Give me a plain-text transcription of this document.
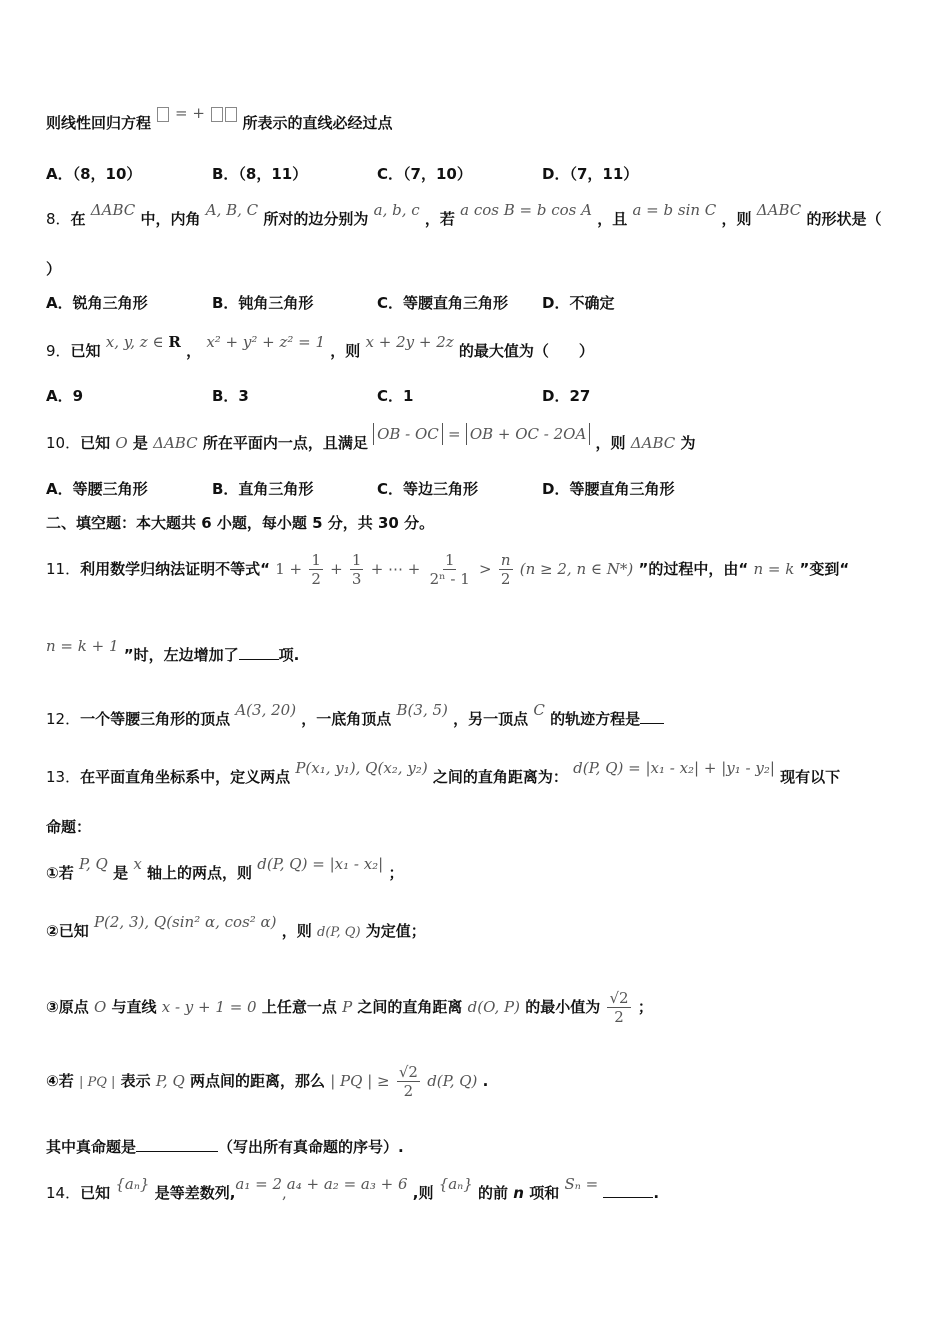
则线性回归方程  = +  所表示的直线必经过点
A．（8，10）	B．（8，11）	C．（7，10）	D．（7，11）
8．在 ΔABC 中，内角 A, B, C 所对的边分别为 a, b, c ，若 a cos B = b cos A ，且 a = b sin C ，则 ΔABC 的形状是（
）
A．锐角三角形	B．钝角三角形	C．等腰直角三角形 D．不确定
9．已知 x, y, z ∈ R ， x² + y² + z² = 1 ，则 x + 2y + 2z 的最大值为（　　）
A．9	B．3	C．1	D．27
10．已知 O 是 ΔABC 所在平面内一点，且满足 OB - OC = OB + OC - 2OA ，则 ΔABC 为
A．等腰三角形	B．直角三角形	C．等边三角形	D．等腰直角三角形
二、填空题：本大题共 6 小题，每小题 5 分，共 30 分。
11．利用数学归纳法证明不等式“ $1 + \frac{1}{2} + \frac{1}{3}$ + ⋯ + $\frac{1}{\text{2ⁿ - 1}} > \frac{n}{2} (n \ge 2$, n ∈ N*) ”的过程中，由“ n = k ”变到“
n = k + 1 ”时，左边增加了	项.
12．一个等腰三角形的顶点 A(3, 20) ，一底角顶点 B(3, 5) ，另一顶点 C 的轨迹方程是
13．在平面直角坐标系中，定义两点 P(x₁, y₁), Q(x₂, y₂) 之间的直角距离为： d(P, Q) = |x₁ - x₂| + |y₁ - y₂| 现有以下
命题：
①若 P, Q 是 x 轴上的两点，则 d(P, Q) = |x₁ - x₂| ；
②已知 P(2, 3), Q(sin² α, cos² α) ，则 d(P, Q) 为定值；
③原点 O 与直线 x - y + 1 = 0 上任意一点 P 之间的直角距离 d(O, P) 的最小值为 $\frac{√2}{2}$ ；
④若 | PQ | 表示 P, Q 两点间的距离，那么 | PQ | ≥ $\frac{√2}{2} d(P$, Q) .
其中真命题是	（写出所有真命题的序号）.
14．已知 {aₙ} 是等差数列,a₁ = 2,a₄ + a₂ = a₃ + 6 ,则 {aₙ} 的前 n 项和 Sₙ =	.
